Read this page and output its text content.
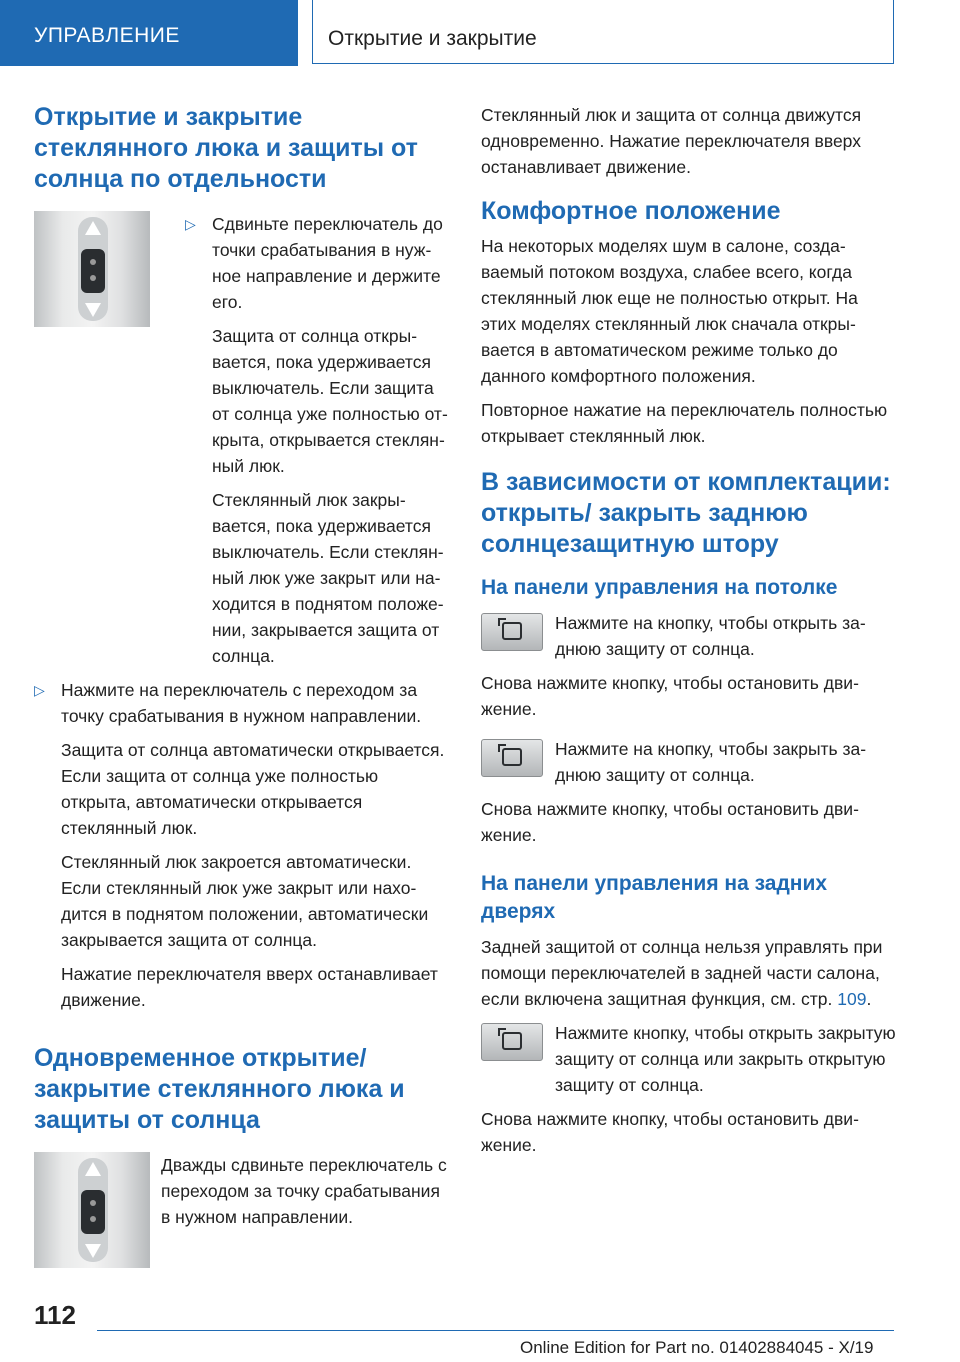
УПРАВЛЕНИЕ	Открытие и закрытие
Открытие и закрытие стеклянного люка и защиты от солнца по отдельности
▷ Сдвиньте переключатель до точки срабатывания в нужное направление и держите его.

Защита от солнца открывается, пока удерживается выключатель. Если защита от солнца уже полностью открыта, открывается стеклянный люк.

Стеклянный люк закрывается, пока удерживается выключатель. Если стеклянный люк уже закрыт или находится в поднятом положении, закрывается защита от солнца.

▷ Нажмите на переключатель с переходом за точку срабатывания в нужном направлении.

Защита от солнца автоматически открывается. Если защита от солнца уже полностью открыта, автоматически открывается стеклянный люк.

Стеклянный люк закроется автоматически. Если стеклянный люк уже закрыт или находится в поднятом положении, автоматически закрывается защита от солнца.

Нажатие переключателя вверх останавливает движение.

Одновременное открытие/ закрытие стеклянного люка и защиты от солнца

Дважды сдвиньте переключатель с переходом за точку срабатывания в нужном направлении.

Стеклянный люк и защита от солнца движутся одновременно. Нажатие переключателя вверх останавливает движение.

Комфортное положение

На некоторых моделях шум в салоне, создаваемый потоком воздуха, слабее всего, когда стеклянный люк еще не полностью открыт. На этих моделях стеклянный люк сначала открывается в автоматическом режиме только до данного комфортного положения.

Повторное нажатие на переключатель полностью открывает стеклянный люк.

В зависимости от комплектации: открыть/ закрыть заднюю солнцезащитную штору
На панели управления на потолке

Нажмите на кнопку, чтобы открыть заднюю защиту от солнца.

Снова нажмите кнопку, чтобы остановить движение.

Нажмите на кнопку, чтобы закрыть заднюю защиту от солнца.

Снова нажмите кнопку, чтобы остановить движение.

На панели управления на задних дверях

Задней защитой от солнца нельзя управлять при помощи переключателей в задней части салона, если включена защитная функция, см. стр. 109.

Нажмите кнопку, чтобы открыть закрытую защиту от солнца или закрыть открытую защиту от солнца.

Снова нажмите кнопку, чтобы остановить движение.

112
Online Edition for Part no. 01402884045 - X/19
